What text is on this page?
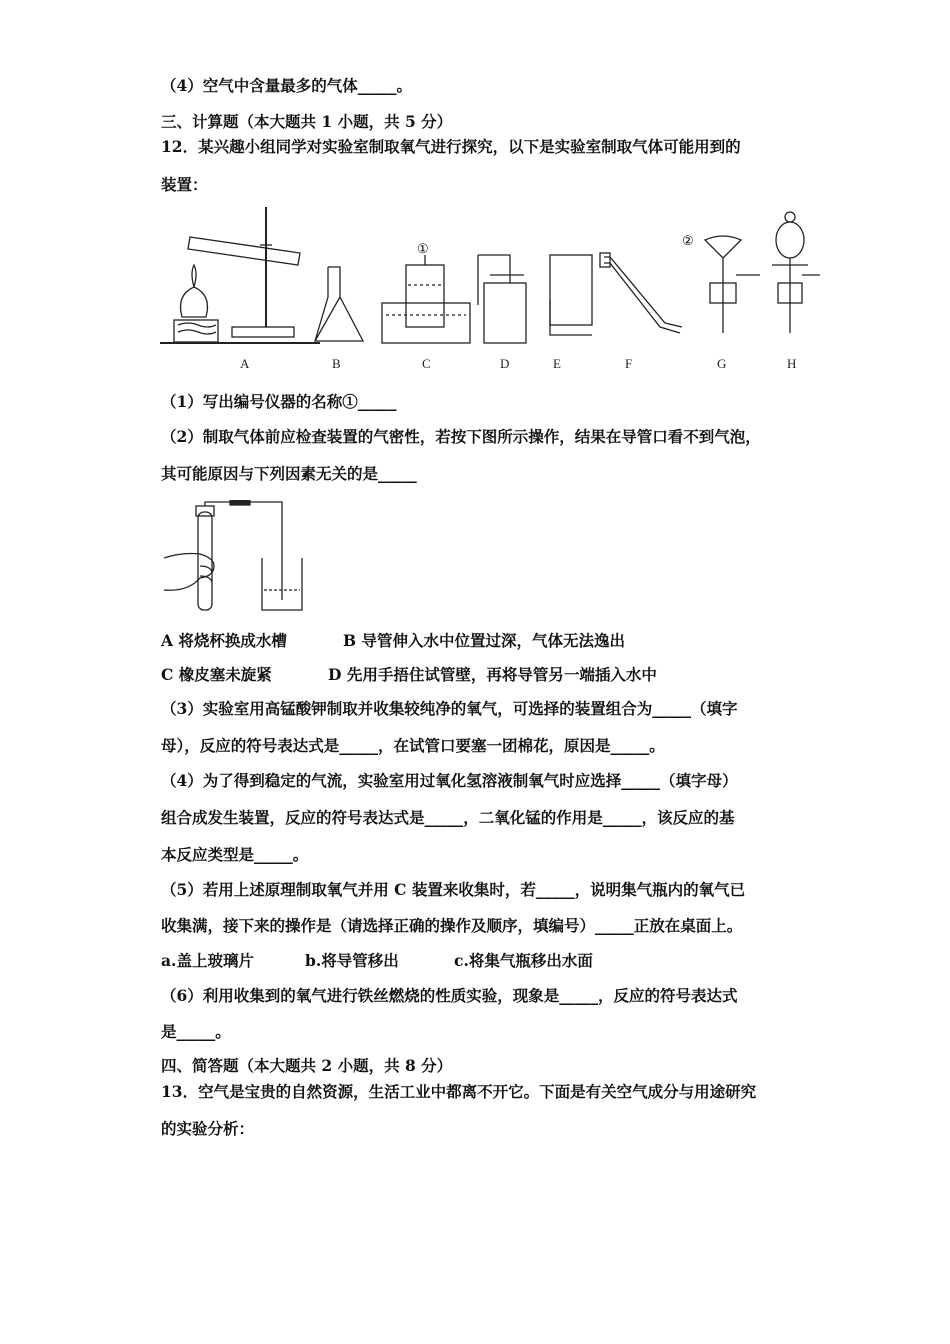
（4）空气中含量最多的气体_____。
三、计算题（本大题共 1 小题，共 5 分）
12．某兴趣小组同学对实验室制取氧气进行探究，以下是实验室制取气体可能用到的
装置：
①
②
A	B	C	D	E	F	G	H
（1）写出编号仪器的名称①_____
（2）制取气体前应检查装置的气密性，若按下图所示操作，结果在导管口看不到气泡，
其可能原因与下列因素无关的是_____
A 将烧杯换成水槽	B 导管伸入水中位置过深，气体无法逸出
C 橡皮塞未旋紧	D 先用手捂住试管壁，再将导管另一端插入水中
（3）实验室用高锰酸钾制取并收集较纯净的氧气，可选择的装置组合为_____（填字
母），反应的符号表达式是_____，在试管口要塞一团棉花，原因是_____。
（4）为了得到稳定的气流，实验室用过氧化氢溶液制氧气时应选择_____（填字母）
组合成发生装置，反应的符号表达式是_____，二氧化锰的作用是_____，该反应的基
本反应类型是_____。
（5）若用上述原理制取氧气并用 C 装置来收集时，若_____，说明集气瓶内的氧气已
收集满，接下来的操作是（请选择正确的操作及顺序，填编号）_____正放在桌面上。
a.盖上玻璃片	b.将导管移出	c.将集气瓶移出水面
（6）利用收集到的氧气进行铁丝燃烧的性质实验，现象是_____，反应的符号表达式
是_____。
四、简答题（本大题共 2 小题，共 8 分）
13．空气是宝贵的自然资源，生活工业中都离不开它。下面是有关空气成分与用途研究
的实验分析：
